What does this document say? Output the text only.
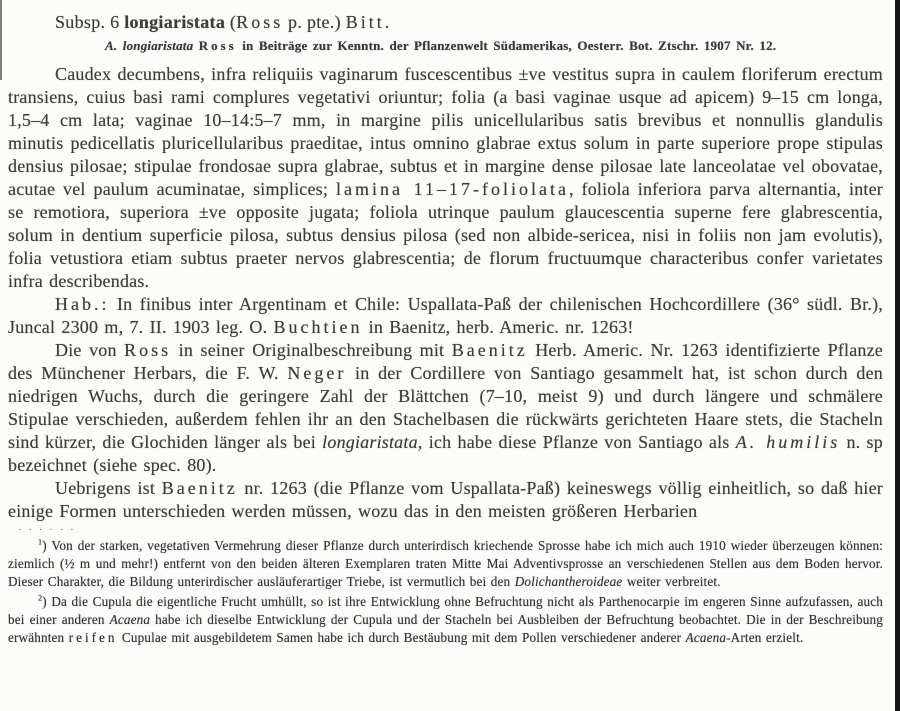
Subsp. 6 longiaristata (Ross p. pte.) Bitt.

A. longiaristata Ross in Beiträge zur Kenntn. der Pflanzenwelt Südamerikas, Oesterr. Bot. Ztschr. 1907 Nr. 12.

Caudex decumbens, infra reliquiis vaginarum fuscescentibus ±ve vestitus supra in caulem floriferum erectum transiens, cuius basi rami complures vegetativi oriuntur; folia (a basi vaginae usque ad apicem) 9–15 cm longa, 1,5–4 cm lata; vaginae 10–14:5–7 mm, in margine pilis unicellularibus satis brevibus et nonnullis glandulis minutis pedicellatis pluricellularibus praeditae, intus omnino glabrae extus solum in parte superiore prope stipulas densius pilosae; stipulae frondosae supra glabrae, subtus et in margine dense pilosae late lanceolatae vel obovatae, acutae vel paulum acuminatae, simplices; lamina 11–17-foliolata, foliola inferiora parva alternantia, inter se remotiora, superiora ±ve opposite jugata; foliola utrinque paulum glaucescentia superne fere glabrescentia, solum in dentium superficie pilosa, subtus densius pilosa (sed non albide-sericea, nisi in foliis non jam evolutis), folia vetustiora etiam subtus praeter nervos glabrescentia; de florum fructuumque characteribus confer varietates infra describendas.

Hab.: In finibus inter Argentinam et Chile: Uspallata-Paß der chilenischen Hochcordillere (36° südl. Br.), Juncal 2300 m, 7. II. 1903 leg. O. Buchtien in Baenitz, herb. Americ. nr. 1263!

Die von Ross in seiner Originalbeschreibung mit Baenitz Herb. Americ. Nr. 1263 identifizierte Pflanze des Münchener Herbars, die F. W. Neger in der Cordillere von Santiago gesammelt hat, ist schon durch den niedrigen Wuchs, durch die geringere Zahl der Blättchen (7–10, meist 9) und durch längere und schmälere Stipulae verschieden, außerdem fehlen ihr an den Stachelbasen die rückwärts gerichteten Haare stets, die Stacheln sind kürzer, die Glochiden länger als bei longiaristata, ich habe diese Pflanze von Santiago als A. humilis n. sp bezeichnet (siehe spec. 80).

Uebrigens ist Baenitz nr. 1263 (die Pflanze vom Uspallata-Paß) keineswegs völlig einheitlich, so daß hier einige Formen unterschieden werden müssen, wozu das in den meisten größeren Herbarien

· · · · · ·

$^1$) Von der starken, vegetativen Vermehrung dieser Pflanze durch unterirdisch kriechende Sprosse habe ich mich auch 1910 wieder überzeugen können: ziemlich (½ m und mehr!) entfernt von den beiden älteren Exemplaren traten Mitte Mai Adventivsprosse an verschiedenen Stellen aus dem Boden hervor. Dieser Charakter, die Bildung unterirdischer ausläuferartiger Triebe, ist vermutlich bei den Dolichantheroideae weiter verbreitet.

$^2$) Da die Cupula die eigentliche Frucht umhüllt, so ist ihre Entwicklung ohne Befruchtung nicht als Parthenocarpie im engeren Sinne aufzufassen, auch bei einer anderen Acaena habe ich dieselbe Entwicklung der Cupula und der Stacheln bei Ausbleiben der Befruchtung beobachtet. Die in der Beschreibung erwähnten reifen Cupulae mit ausgebildetem Samen habe ich durch Bestäubung mit dem Pollen verschiedener anderer Acaena-Arten erzielt.
